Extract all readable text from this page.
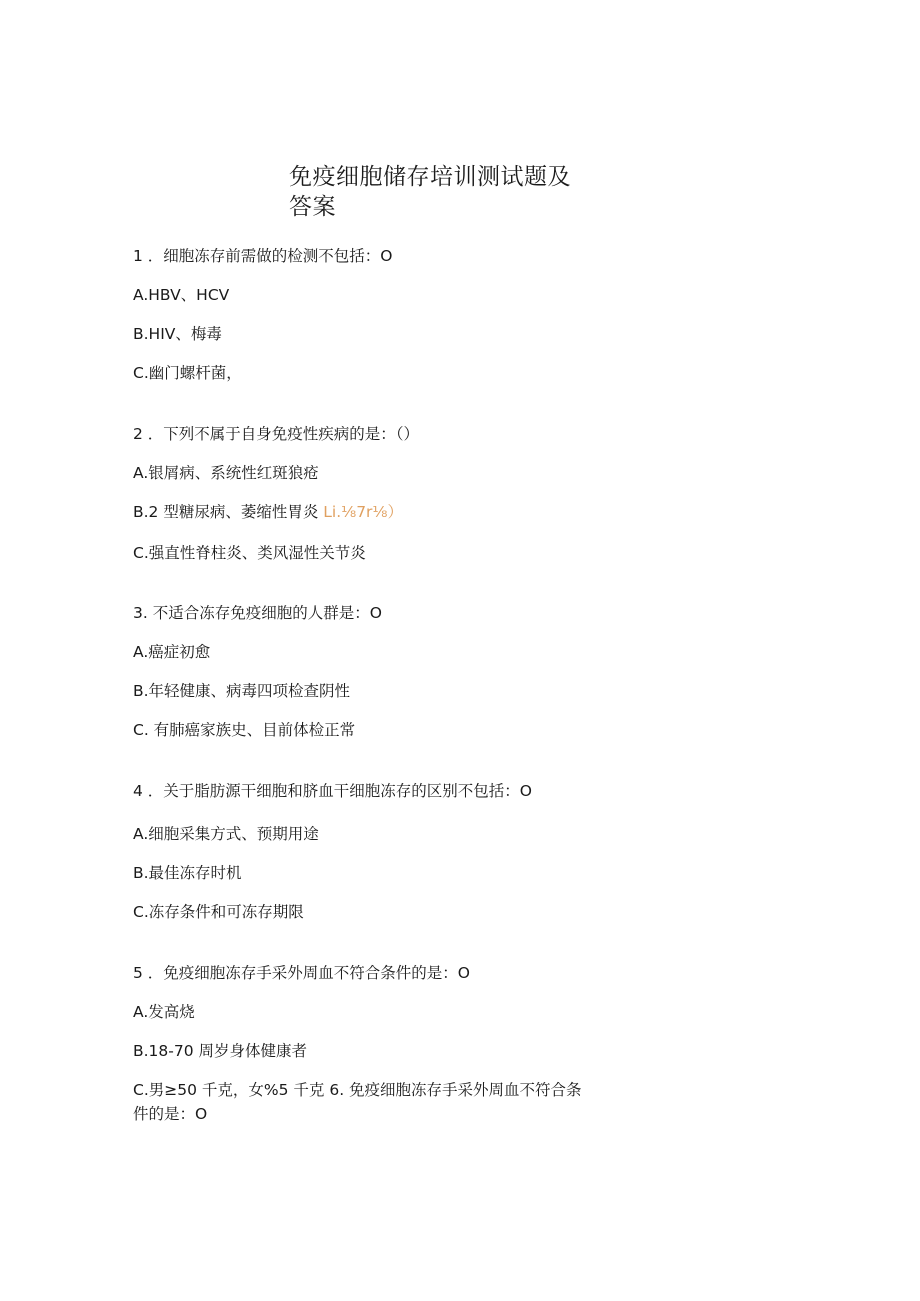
免疫细胞储存培训测试题及答案
1 ．细胞冻存前需做的检测不包括：O
A.HBV、HCV
B.HIV、梅毒
C.幽门螺杆菌，
2 ．下列不属于自身免疫性疾病的是：（）
A.银屑病、系统性红斑狼疮
B.2 型糖尿病、萎缩性胃炎 Li.⅛7r⅛）
C.强直性脊柱炎、类风湿性关节炎
3. 不适合冻存免疫细胞的人群是：O
A.癌症初愈
B.年轻健康、病毒四项检查阴性
C. 有肺癌家族史、目前体检正常
4 ．关于脂肪源干细胞和脐血干细胞冻存的区别不包括：O
A.细胞采集方式、预期用途
B.最佳冻存时机
C.冻存条件和可冻存期限
5 ．免疫细胞冻存手采外周血不符合条件的是：O
A.发高烧
B.18-70 周岁身体健康者
C.男≥50 千克，女%5 千克 6. 免疫细胞冻存手采外周血不符合条件的是：O
